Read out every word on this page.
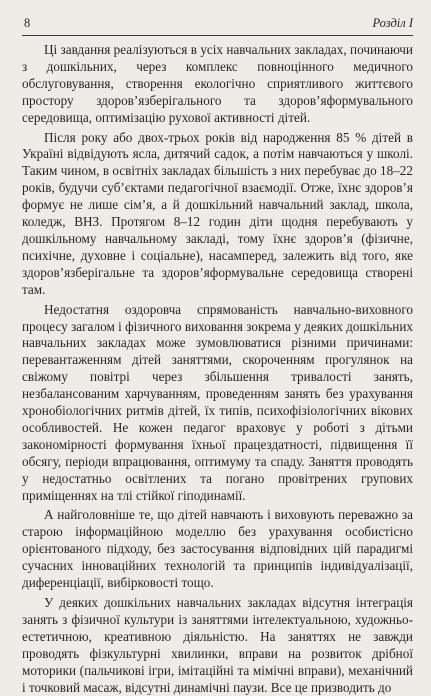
8	Розділ I

Ці завдання реалізуються в усіх навчальних закладах, починаючи з дошкільних, через комплекс повноцінного медичного обслуговування, створення екологічно сприятливого життєвого простору здоров’язберігального та здоров’яформувального середовища, оптимізацію рухової активності дітей.

Після року або двох-трьох років від народження 85 % дітей в Україні відвідують ясла, дитячий садок, а потім навчаються у школі. Таким чином, в освітніх закладах більшість з них перебуває до 18–22 років, будучи суб’єктами педагогічної взаємодії. Отже, їхнє здоров’я формує не лише сім’я, а й дошкільний навчальний заклад, школа, коледж, ВНЗ. Протягом 8–12 годин діти щодня перебувають у дошкільному навчальному закладі, тому їхнє здоров’я (фізичне, психічне, духовне і соціальне), насамперед, залежить від того, яке здоров’язберігальне та здоров’яформувальне середовища створені там.

Недостатня оздоровча спрямованість навчально-виховного процесу загалом і фізичного виховання зокрема у деяких дошкільних навчальних закладах може зумовлюватися різними причинами: перевантаженням дітей заняттями, скороченням прогулянок на свіжому повітрі через збільшення тривалості занять, незбалансованим харчуванням, проведенням занять без урахування хронобіологічних ритмів дітей, їх типів, психофізіологічних вікових особливостей. Не кожен педагог враховує у роботі з дітьми закономірності формування їхньої працездатності, підвищення її обсягу, періоди впрацювання, оптимуму та спаду. Заняття проводять у недостатньо освітлених та погано провітрених групових приміщеннях на тлі стійкої гіподинамії.

А найголовніше те, що дітей навчають і виховують переважно за старою інформаційною моделлю без урахування особистісно орієнтованого підходу, без застосування відповідних цій парадигмі сучасних інноваційних технологій та принципів індивідуалізації, диференціації, вибірковості тощо.

У деяких дошкільних навчальних закладах відсутня інтеграція занять з фізичної культури із заняттями інтелектуальною, художньо-естетичною, креативною діяльністю. На заняттях не завжди проводять фізкультурні хвилинки, вправи на розвиток дрібної моторики (пальчикові ігри, імітаційні та мімічні вправи), механічний і точковий масаж, відсутні динамічні паузи. Все це призводить до
